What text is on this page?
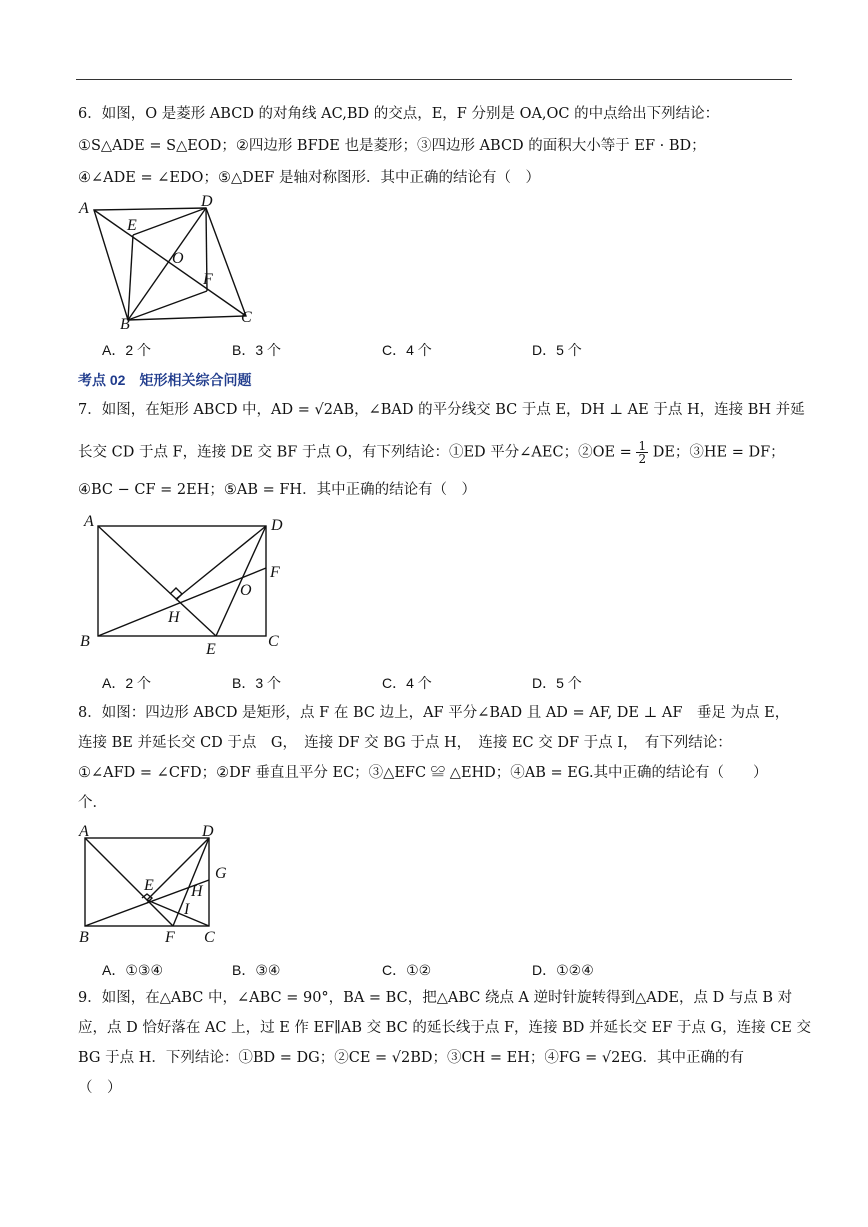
6．如图，O 是菱形 ABCD 的对角线 AC,BD 的交点，E，F 分别是 OA,OC 的中点给出下列结论：
①S△ADE = S△EOD；②四边形 BFDE 也是菱形；③四边形 ABCD 的面积大小等于 EF · BD；
④∠ADE = ∠EDO；⑤△DEF 是轴对称图形．其中正确的结论有（　）
A	D
E
O
F
B	C
A．2 个	B．3 个	C．4 个	D．5 个
考点 02　矩形相关综合问题
7．如图，在矩形 ABCD 中，AD = √2AB，∠BAD 的平分线交 BC 于点 E，DH ⊥ AE 于点 H，连接 BH 并延
长交 CD 于点 F，连接 DE 交 BF 于点 O，有下列结论：①ED 平分∠AEC；②OE = $\frac{1}{2}$ DE；③HE = DF；
④BC − CF = 2EH；⑤AB = FH．其中正确的结论有（　）
A	D
F
O
H
B	E	C
A．2 个	B．3 个	C．4 个	D．5 个
8．如图：四边形 ABCD 是矩形，点 F 在 BC 边上，AF 平分∠BAD 且 AD = AF, DE ⊥ AF　垂足 为点 E，
连接 BE 并延长交 CD 于点　G，　连接 DF 交 BG 于点 H，　连接 EC 交 DF 于点 I，　有下列结论：
①∠AFD = ∠CFD；②DF 垂直且平分 EC；③△EFC ≌ △EHD；④AB = EG.其中正确的结论有（　　）
个．
A	D
G
E H
I
B	F C
A．①③④	B．③④	C．①②	D．①②④
9．如图，在△ABC 中，∠ABC = 90°，BA = BC，把△ABC 绕点 A 逆时针旋转得到△ADE，点 D 与点 B 对
应，点 D 恰好落在 AC 上，过 E 作 EF∥AB 交 BC 的延长线于点 F，连接 BD 并延长交 EF 于点 G，连接 CE 交
BG 于点 H．下列结论：①BD = DG；②CE = √2BD；③CH = EH；④FG = √2EG．其中正确的有
（　）
